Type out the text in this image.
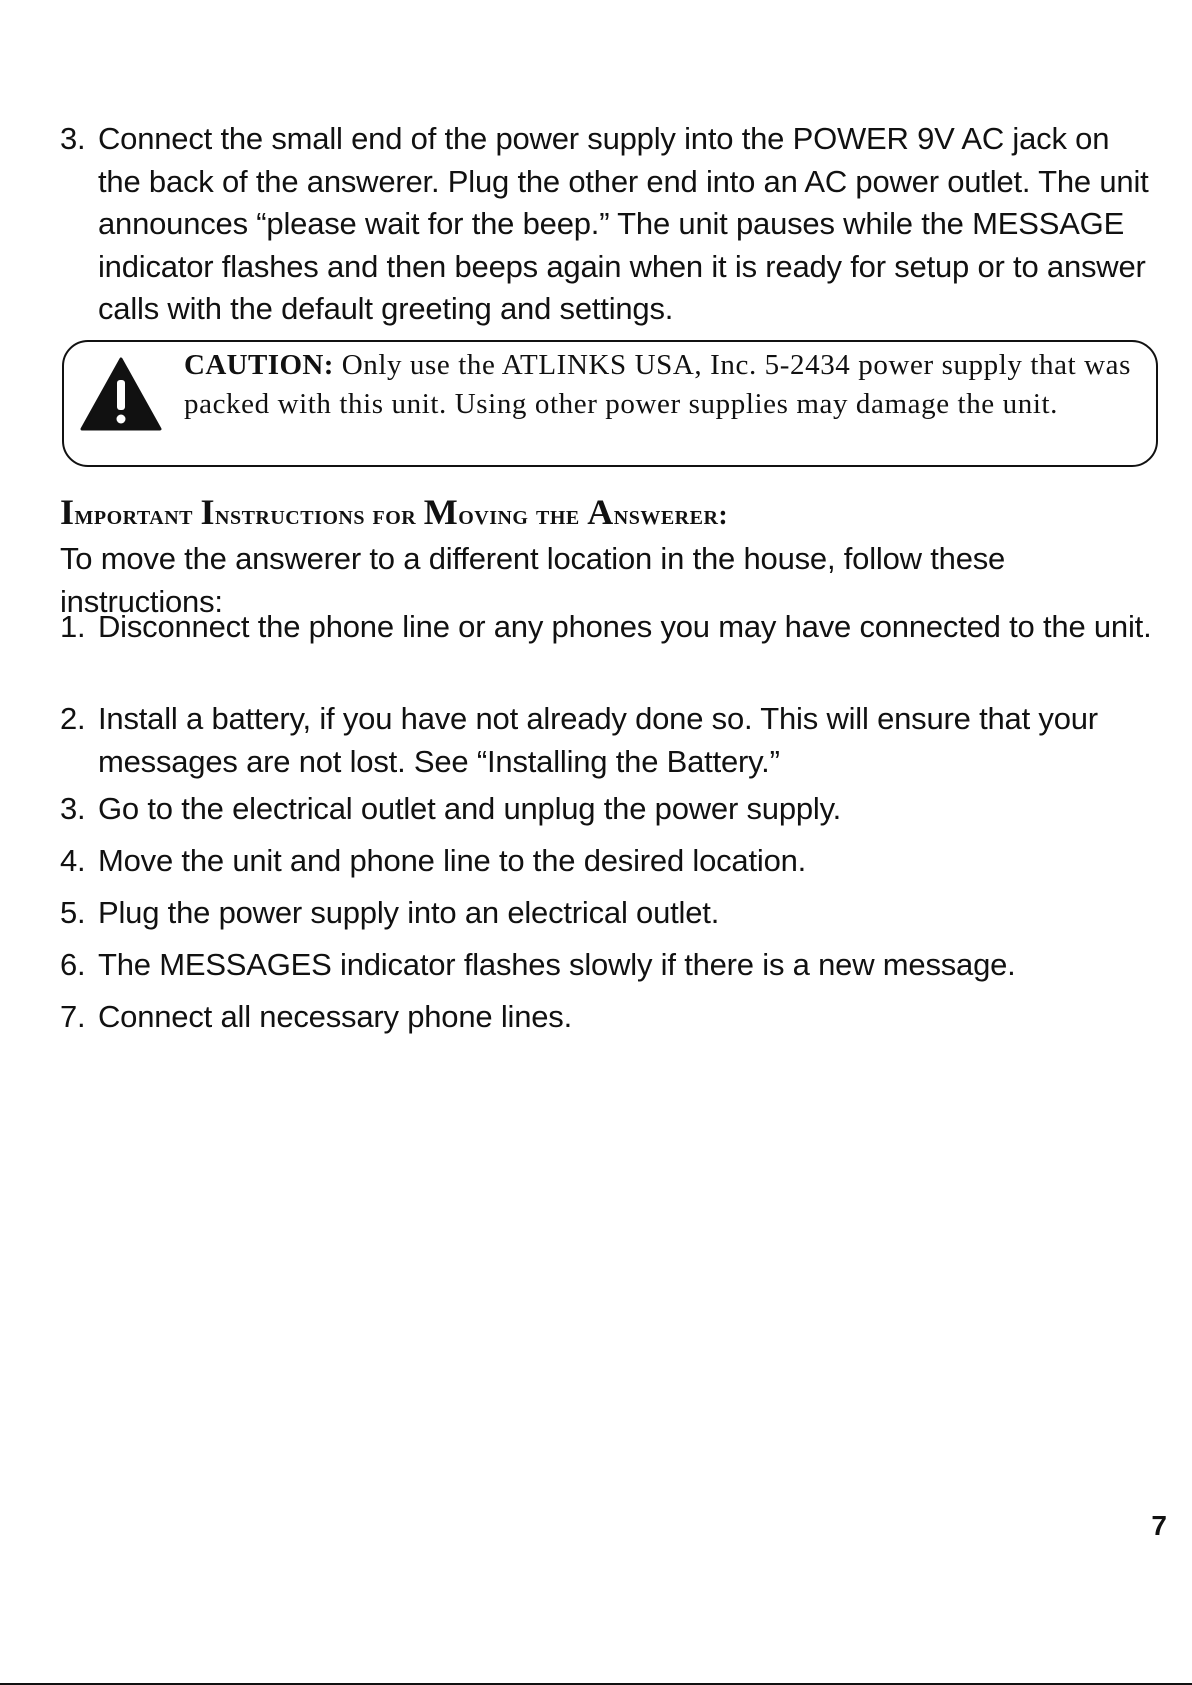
3. Connect the small end of the power supply into the POWER 9V AC jack on the back of the answerer. Plug the other end into an AC power outlet. The unit announces “please wait for the beep.” The unit pauses while the MESSAGE indicator flashes and then beeps again when it is ready for setup or to answer calls with the default greeting and settings.
CAUTION: Only use the ATLINKS USA, Inc. 5-2434 power supply that was packed with this unit. Using other power supplies may damage the unit.
Important Instructions for Moving the Answerer:
To move the answerer to a different location in the house, follow these instructions:
1. Disconnect the phone line or any phones you may have connected to the unit.
2. Install a battery, if you have not already done so. This will ensure that your messages are not lost. See “Installing the Battery.”
3. Go to the electrical outlet and unplug the power supply.
4. Move the unit and phone line to the desired location.
5. Plug the power supply into an electrical outlet.
6. The MESSAGES indicator flashes slowly if there is a new message.
7. Connect all necessary phone lines.
7
